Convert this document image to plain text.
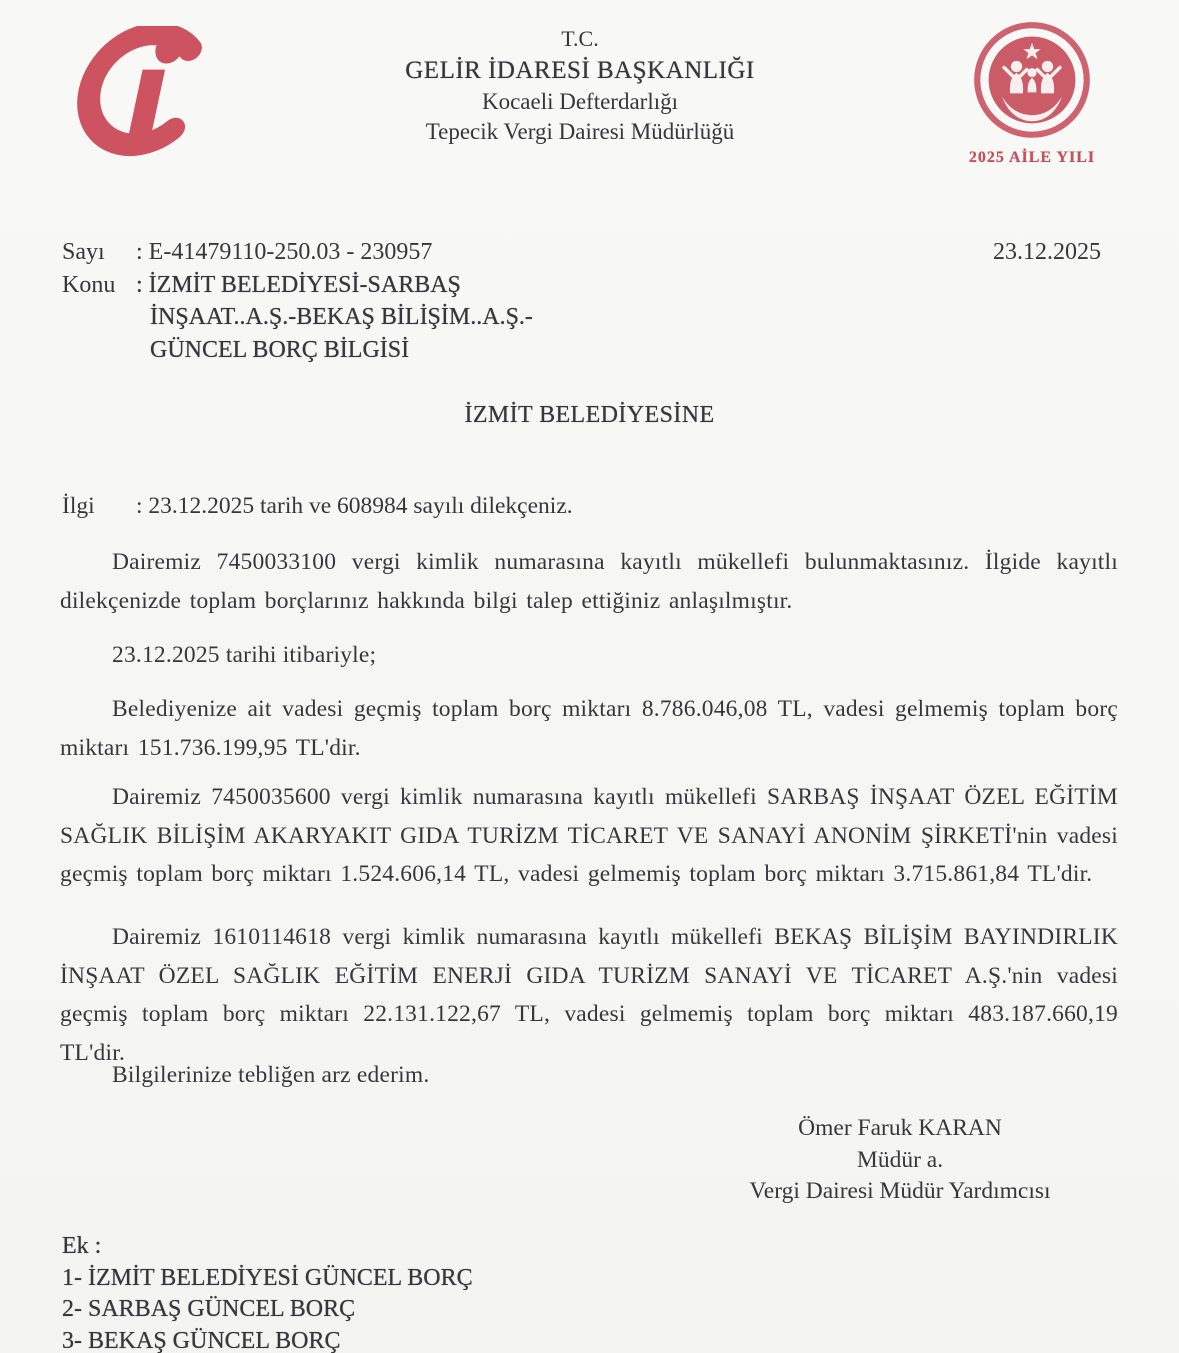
T.C.
GELİR İDARESİ BAŞKANLIĞI
Kocaeli Defterdarlığı
Tepecik Vergi Dairesi Müdürlüğü
2025 AİLE YILI
Sayı	: E-41479110-250.03 - 230957
Konu : İZMİT BELEDİYESİ-SARBAŞ
İNŞAAT..A.Ş.-BEKAŞ BİLİŞİM..A.Ş.-
GÜNCEL BORÇ BİLGİSİ
23.12.2025
İZMİT BELEDİYESİNE
İlgi	: 23.12.2025 tarih ve 608984 sayılı dilekçeniz.
Dairemiz 7450033100 vergi kimlik numarasına kayıtlı mükellefi bulunmaktasınız. İlgide kayıtlı dilekçenizde toplam borçlarınız hakkında bilgi talep ettiğiniz anlaşılmıştır.
23.12.2025 tarihi itibariyle;
Belediyenize ait vadesi geçmiş toplam borç miktarı 8.786.046,08 TL, vadesi gelmemiş toplam borç miktarı 151.736.199,95 TL'dir.
Dairemiz 7450035600 vergi kimlik numarasına kayıtlı mükellefi SARBAŞ İNŞAAT ÖZEL EĞİTİM SAĞLIK BİLİŞİM AKARYAKIT GIDA TURİZM TİCARET VE SANAYİ ANONİM ŞİRKETİ'nin vadesi geçmiş toplam borç miktarı 1.524.606,14 TL, vadesi gelmemiş toplam borç miktarı 3.715.861,84 TL'dir.
Dairemiz 1610114618 vergi kimlik numarasına kayıtlı mükellefi BEKAŞ BİLİŞİM BAYINDIRLIK İNŞAAT ÖZEL SAĞLIK EĞİTİM ENERJİ GIDA TURİZM SANAYİ VE TİCARET A.Ş.'nin vadesi geçmiş toplam borç miktarı 22.131.122,67 TL, vadesi gelmemiş toplam borç miktarı 483.187.660,19 TL'dir.
Bilgilerinize tebliğen arz ederim.
Ömer Faruk KARAN
Müdür a.
Vergi Dairesi Müdür Yardımcısı
Ek :
1- İZMİT BELEDİYESİ GÜNCEL BORÇ
2- SARBAŞ GÜNCEL BORÇ
3- BEKAŞ GÜNCEL BORÇ
